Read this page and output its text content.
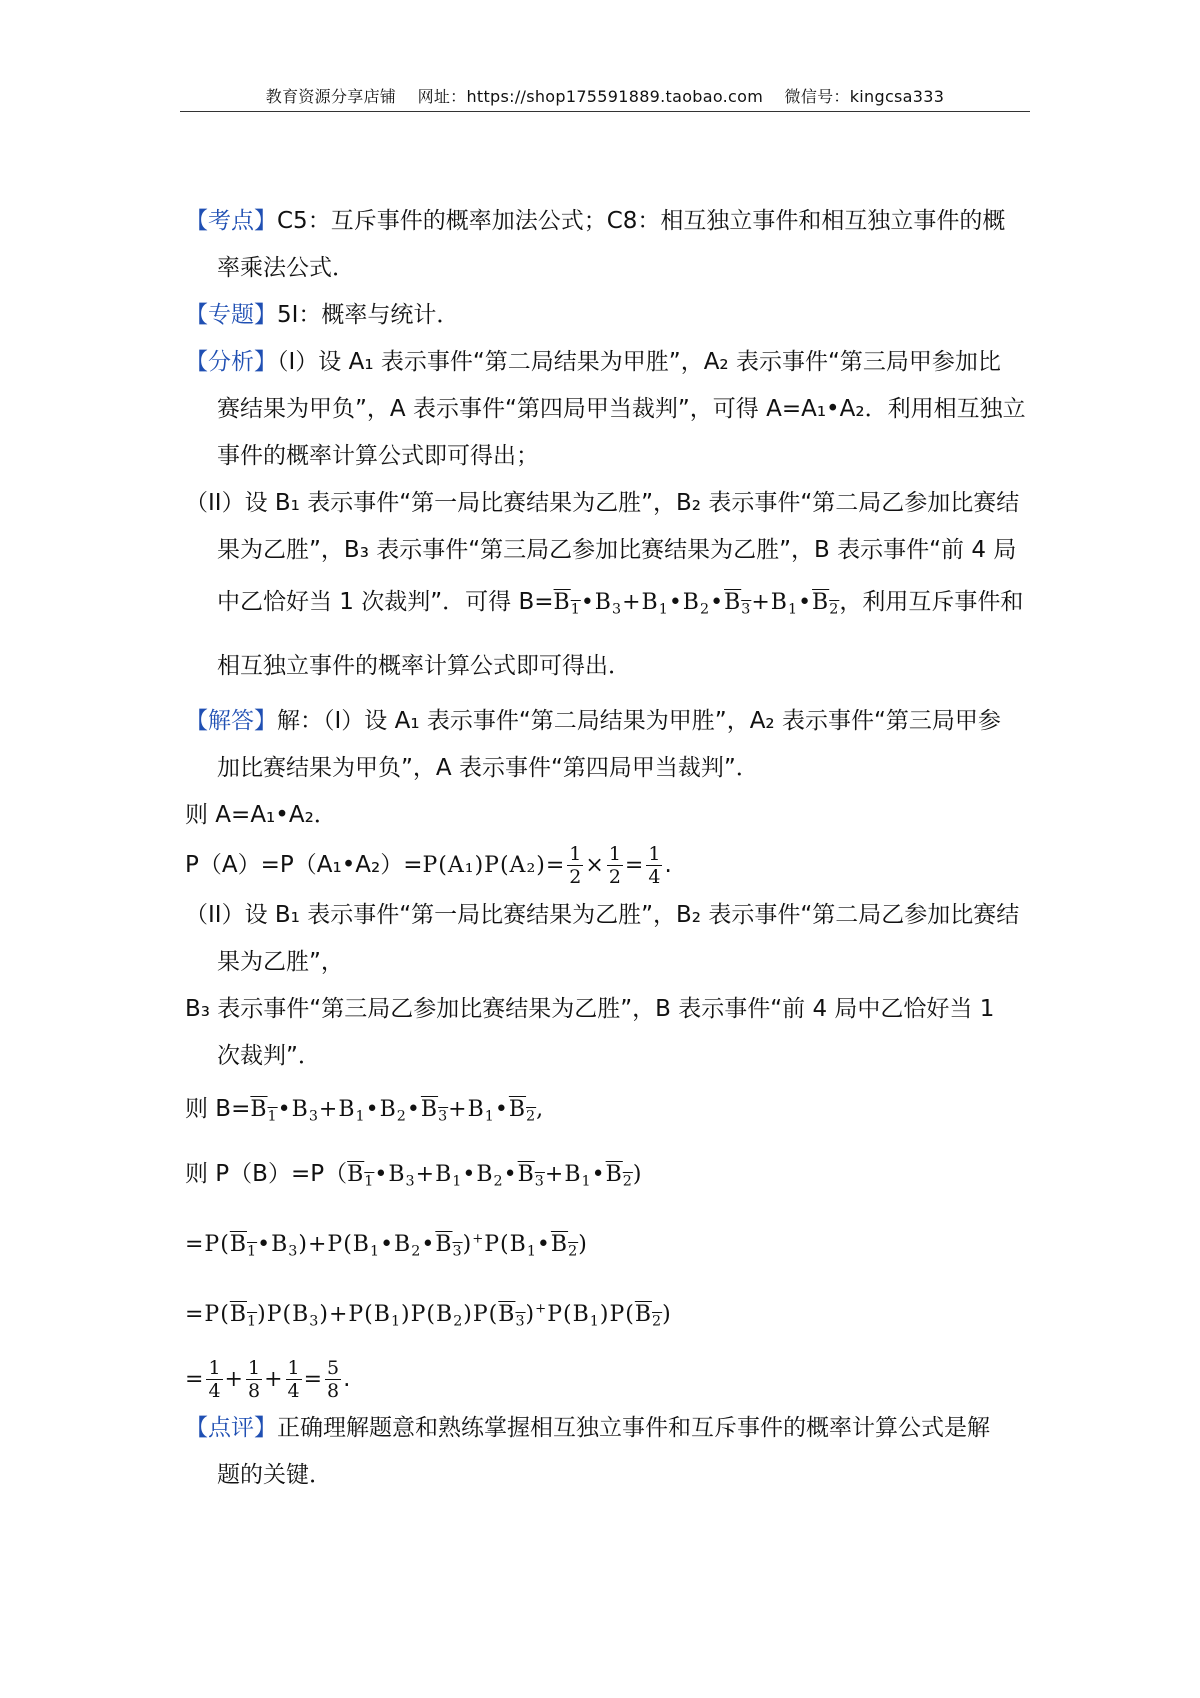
教育资源分享店铺 网址：https://shop175591889.taobao.com 微信号：kingcsa333
【考点】C5：互斥事件的概率加法公式；C8：相互独立事件和相互独立事件的概
率乘法公式．
【专题】5I：概率与统计．
【分析】（I）设 A₁ 表示事件“第二局结果为甲胜”，A₂ 表示事件“第三局甲参加比
赛结果为甲负”，A 表示事件“第四局甲当裁判”，可得 A=A₁•A₂．利用相互独立
事件的概率计算公式即可得出；
（II）设 B₁ 表示事件“第一局比赛结果为乙胜”，B₂ 表示事件“第二局乙参加比赛结
果为乙胜”，B₃ 表示事件“第三局乙参加比赛结果为乙胜”，B 表示事件“前 4 局
中乙恰好当 1 次裁判”．可得 $B=B_1•B_3+B_1•B_2•B_3+B_1•B_2$，利用互斥事件和
相互独立事件的概率计算公式即可得出．
【解答】解：（I）设 A₁ 表示事件“第二局结果为甲胜”，A₂ 表示事件“第三局甲参
加比赛结果为甲负”，A 表示事件“第四局甲当裁判”．
则 A=A₁•A₂．
P（A）=P（A₁•A₂）=P(A₁)P(A₂)= $\frac{1}{2} \times \frac{1}{2} = \frac{1}{4}$ .
（II）设 B₁ 表示事件“第一局比赛结果为乙胜”，B₂ 表示事件“第二局乙参加比赛结
果为乙胜”，
B₃ 表示事件“第三局乙参加比赛结果为乙胜”，B 表示事件“前 4 局中乙恰好当 1
次裁判”．
则 $B=B_1•B_3+B_1•B_2•B_3+B_1•B_2$,
则 $P(B)=P(B_1•B_3+B_1•B_2•B_3+B_1•B_2)$
$=P(B_1•B_3)+P(B_1•B_2•B_3)^+P(B_1•B_2)$
$=P(B_1)P(B_3)+P(B_1)P(B_2)P(B_3)^+P(B_1)P(B_2)$
= $\frac{1}{4} + \frac{1}{8} + \frac{1}{4} = \frac{5}{8}$ .
【点评】正确理解题意和熟练掌握相互独立事件和互斥事件的概率计算公式是解
题的关键．
